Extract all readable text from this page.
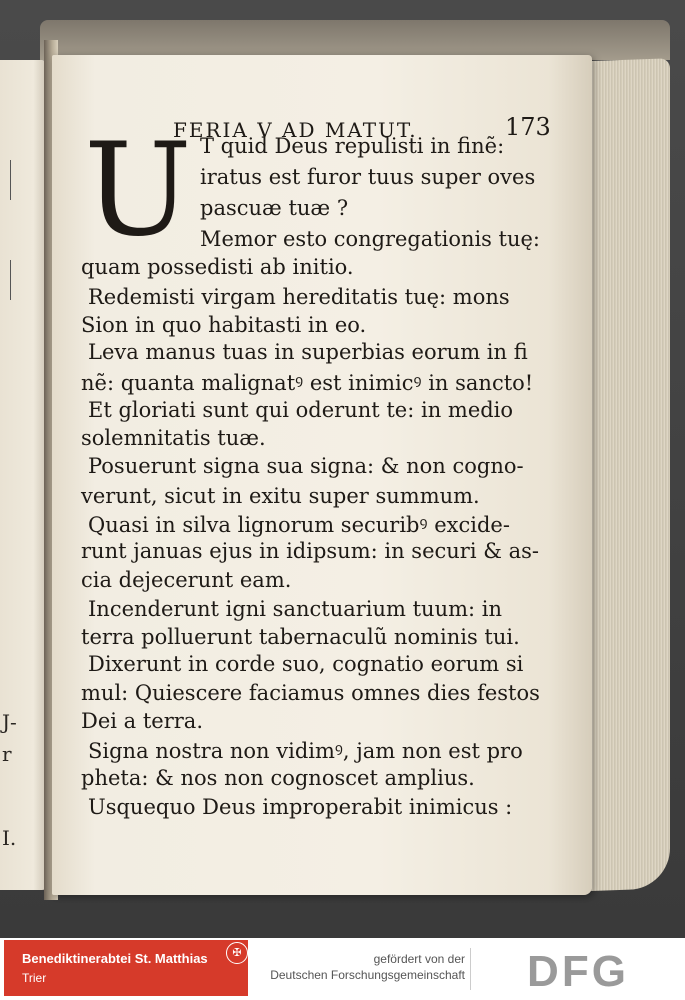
J-
r
I.
FERIA V AD MATUT.	173
U T quid Deus repulisti in finẽ:
iratus est furor tuus super oves
pascuæ tuæ ?
Memor esto congregationis tuę:
quam possedisti ab initio.
Redemisti virgam hereditatis tuę: mons
Sion in quo habitasti in eo.
Leva manus tuas in superbias eorum in fi
nẽ: quanta malignatꝰ est inimicꝰ in sancto!
Et gloriati sunt qui oderunt te: in medio
solemnitatis tuæ.
Posuerunt signa sua signa: & non cogno-
verunt, sicut in exitu super summum.
Quasi in silva lignorum securibꝰ excide-
runt januas ejus in idipsum: in securi & as-
cia dejecerunt eam.
Incenderunt igni sanctuarium tuum: in
terra polluerunt tabernaculũ nominis tui.
Dixerunt in corde suo, cognatio eorum si
mul: Quiescere faciamus omnes dies festos
Dei a terra.
Signa nostra non vidimꝰ, jam non est pro
pheta: & nos non cognoscet amplius.
Usquequo Deus improperabit inimicus :
Benediktinerabtei St. Matthias
Trier
✠	gefördert von der
Deutschen Forschungsgemeinschaft DFG
